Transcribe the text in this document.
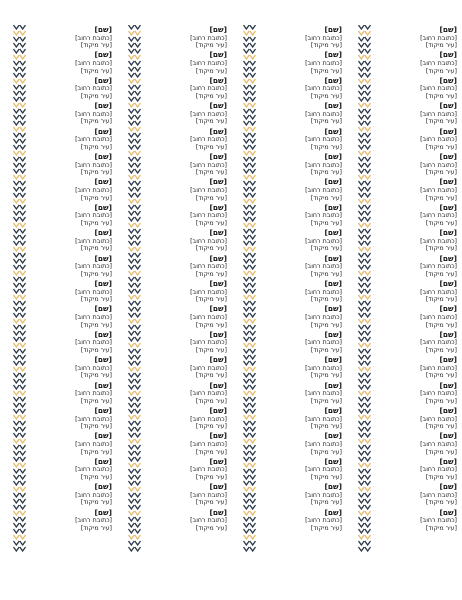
[שם]
[כתובת רחוב]
[עיר מיקוד]
[שם]
[כתובת רחוב]
[עיר מיקוד]
[שם]
[כתובת רחוב]
[עיר מיקוד]
[שם]
[כתובת רחוב]
[עיר מיקוד]
[שם]
[כתובת רחוב]
[עיר מיקוד]
[שם]
[כתובת רחוב]
[עיר מיקוד]
[שם]
[כתובת רחוב]
[עיר מיקוד]
[שם]
[כתובת רחוב]
[עיר מיקוד]
[שם]
[כתובת רחוב]
[עיר מיקוד]
[שם]
[כתובת רחוב]
[עיר מיקוד]
[שם]
[כתובת רחוב]
[עיר מיקוד]
[שם]
[כתובת רחוב]
[עיר מיקוד]
[שם]
[כתובת רחוב]
[עיר מיקוד]
[שם]
[כתובת רחוב]
[עיר מיקוד]
[שם]
[כתובת רחוב]
[עיר מיקוד]
[שם]
[כתובת רחוב]
[עיר מיקוד]
[שם]
[כתובת רחוב]
[עיר מיקוד]
[שם]
[כתובת רחוב]
[עיר מיקוד]
[שם]
[כתובת רחוב]
[עיר מיקוד]
[שם]
[כתובת רחוב]
[עיר מיקוד]
[שם]
[כתובת רחוב]
[עיר מיקוד]
[שם]
[כתובת רחוב]
[עיר מיקוד]
[שם]
[כתובת רחוב]
[עיר מיקוד]
[שם]
[כתובת רחוב]
[עיר מיקוד]
[שם]
[כתובת רחוב]
[עיר מיקוד]
[שם]
[כתובת רחוב]
[עיר מיקוד]
[שם]
[כתובת רחוב]
[עיר מיקוד]
[שם]
[כתובת רחוב]
[עיר מיקוד]
[שם]
[כתובת רחוב]
[עיר מיקוד]
[שם]
[כתובת רחוב]
[עיר מיקוד]
[שם]
[כתובת רחוב]
[עיר מיקוד]
[שם]
[כתובת רחוב]
[עיר מיקוד]
[שם]
[כתובת רחוב]
[עיר מיקוד]
[שם]
[כתובת רחוב]
[עיר מיקוד]
[שם]
[כתובת רחוב]
[עיר מיקוד]
[שם]
[כתובת רחוב]
[עיר מיקוד]
[שם]
[כתובת רחוב]
[עיר מיקוד]
[שם]
[כתובת רחוב]
[עיר מיקוד]
[שם]
[כתובת רחוב]
[עיר מיקוד]
[שם]
[כתובת רחוב]
[עיר מיקוד]
[שם]
[כתובת רחוב]
[עיר מיקוד]
[שם]
[כתובת רחוב]
[עיר מיקוד]
[שם]
[כתובת רחוב]
[עיר מיקוד]
[שם]
[כתובת רחוב]
[עיר מיקוד]
[שם]
[כתובת רחוב]
[עיר מיקוד]
[שם]
[כתובת רחוב]
[עיר מיקוד]
[שם]
[כתובת רחוב]
[עיר מיקוד]
[שם]
[כתובת רחוב]
[עיר מיקוד]
[שם]
[כתובת רחוב]
[עיר מיקוד]
[שם]
[כתובת רחוב]
[עיר מיקוד]
[שם]
[כתובת רחוב]
[עיר מיקוד]
[שם]
[כתובת רחוב]
[עיר מיקוד]
[שם]
[כתובת רחוב]
[עיר מיקוד]
[שם]
[כתובת רחוב]
[עיר מיקוד]
[שם]
[כתובת רחוב]
[עיר מיקוד]
[שם]
[כתובת רחוב]
[עיר מיקוד]
[שם]
[כתובת רחוב]
[עיר מיקוד]
[שם]
[כתובת רחוב]
[עיר מיקוד]
[שם]
[כתובת רחוב]
[עיר מיקוד]
[שם]
[כתובת רחוב]
[עיר מיקוד]
[שם]
[כתובת רחוב]
[עיר מיקוד]
[שם]
[כתובת רחוב]
[עיר מיקוד]
[שם]
[כתובת רחוב]
[עיר מיקוד]
[שם]
[כתובת רחוב]
[עיר מיקוד]
[שם]
[כתובת רחוב]
[עיר מיקוד]
[שם]
[כתובת רחוב]
[עיר מיקוד]
[שם]
[כתובת רחוב]
[עיר מיקוד]
[שם]
[כתובת רחוב]
[עיר מיקוד]
[שם]
[כתובת רחוב]
[עיר מיקוד]
[שם]
[כתובת רחוב]
[עיר מיקוד]
[שם]
[כתובת רחוב]
[עיר מיקוד]
[שם]
[כתובת רחוב]
[עיר מיקוד]
[שם]
[כתובת רחוב]
[עיר מיקוד]
[שם]
[כתובת רחוב]
[עיר מיקוד]
[שם]
[כתובת רחוב]
[עיר מיקוד]
[שם]
[כתובת רחוב]
[עיר מיקוד]
[שם]
[כתובת רחוב]
[עיר מיקוד]
[שם]
[כתובת רחוב]
[עיר מיקוד]
[שם]
[כתובת רחוב]
[עיר מיקוד]
[שם]
[כתובת רחוב]
[עיר מיקוד]
